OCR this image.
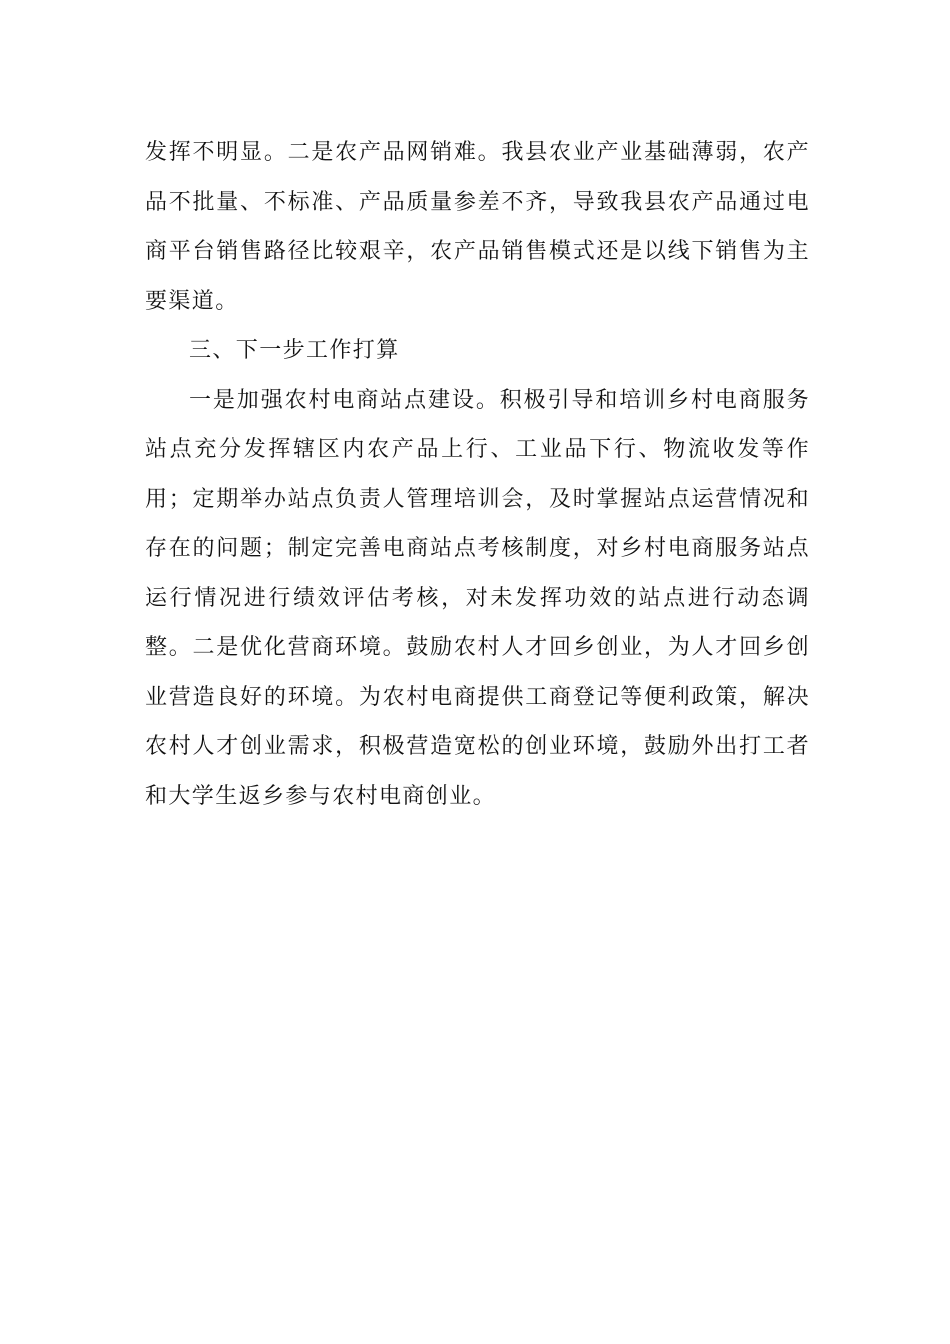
发挥不明显。二是农产品网销难。我县农业产业基础薄弱，农产品不批量、不标准、产品质量参差不齐，导致我县农产品通过电商平台销售路径比较艰辛，农产品销售模式还是以线下销售为主要渠道。

三、下一步工作打算

一是加强农村电商站点建设。积极引导和培训乡村电商服务站点充分发挥辖区内农产品上行、工业品下行、物流收发等作用；定期举办站点负责人管理培训会，及时掌握站点运营情况和存在的问题；制定完善电商站点考核制度，对乡村电商服务站点运行情况进行绩效评估考核，对未发挥功效的站点进行动态调整。二是优化营商环境。鼓励农村人才回乡创业，为人才回乡创业营造良好的环境。为农村电商提供工商登记等便利政策，解决农村人才创业需求，积极营造宽松的创业环境，鼓励外出打工者和大学生返乡参与农村电商创业。
